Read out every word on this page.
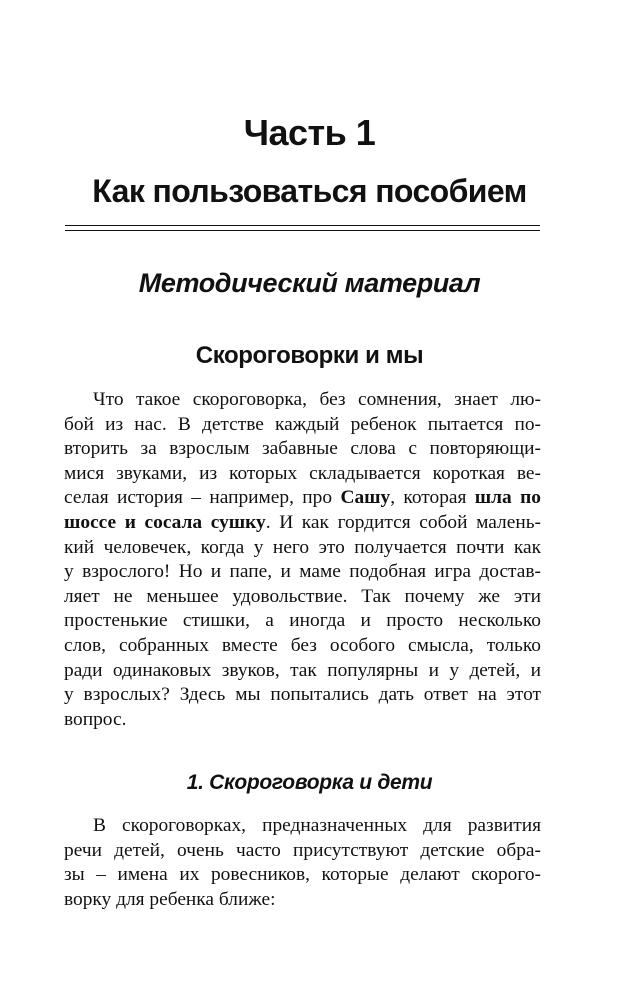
Часть 1
Как пользоваться пособием
Методический материал
Скороговорки и мы
Что такое скороговорка, без сомнения, знает лю-
бой из нас. В детстве каждый ребенок пытается по-
вторить за взрослым забавные слова с повторяющи-
мися звуками, из которых складывается короткая ве-
селая история – например, про Сашу, которая шла по
шоссе и сосала сушку. И как гордится собой малень-
кий человечек, когда у него это получается почти как
у взрослого! Но и папе, и маме подобная игра достав-
ляет не меньшее удовольствие. Так почему же эти
простенькие стишки, а иногда и просто несколько
слов, собранных вместе без особого смысла, только
ради одинаковых звуков, так популярны и у детей, и
у взрослых? Здесь мы попытались дать ответ на этот
вопрос.
1. Скороговорка и дети
В скороговорках, предназначенных для развития
речи детей, очень часто присутствуют детские обра-
зы – имена их ровесников, которые делают скорого-
ворку для ребенка ближе:
